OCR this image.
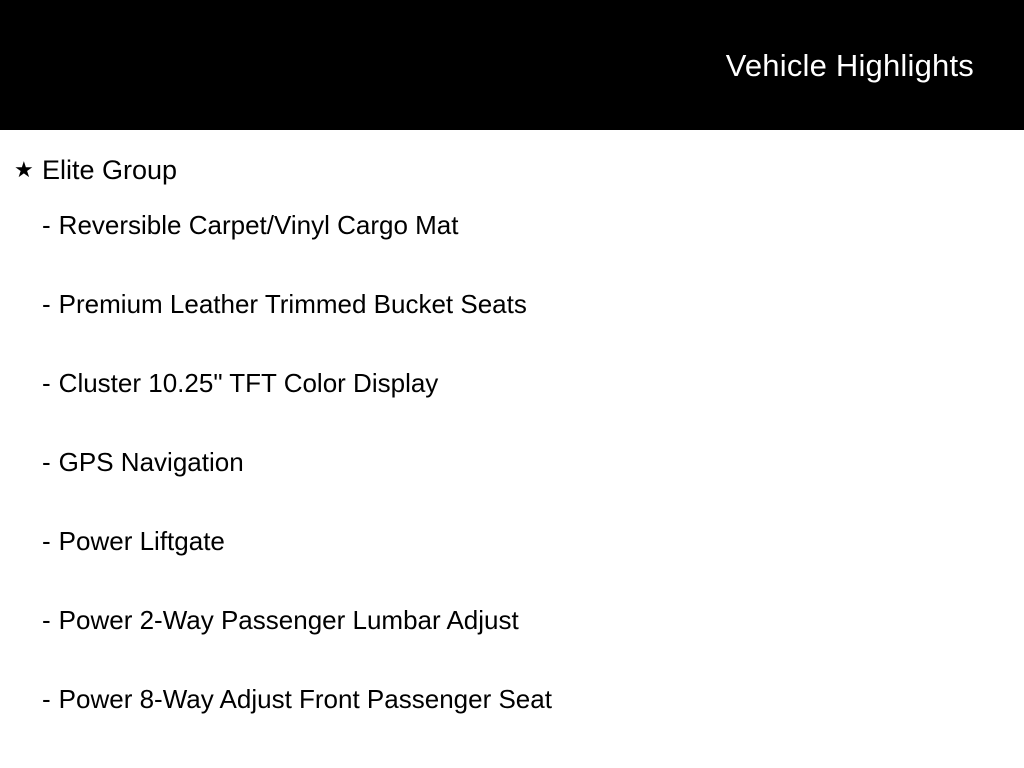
Vehicle Highlights
★ Elite Group
- Reversible Carpet/Vinyl Cargo Mat
- Premium Leather Trimmed Bucket Seats
- Cluster 10.25" TFT Color Display
- GPS Navigation
- Power Liftgate
- Power 2-Way Passenger Lumbar Adjust
- Power 8-Way Adjust Front Passenger Seat
